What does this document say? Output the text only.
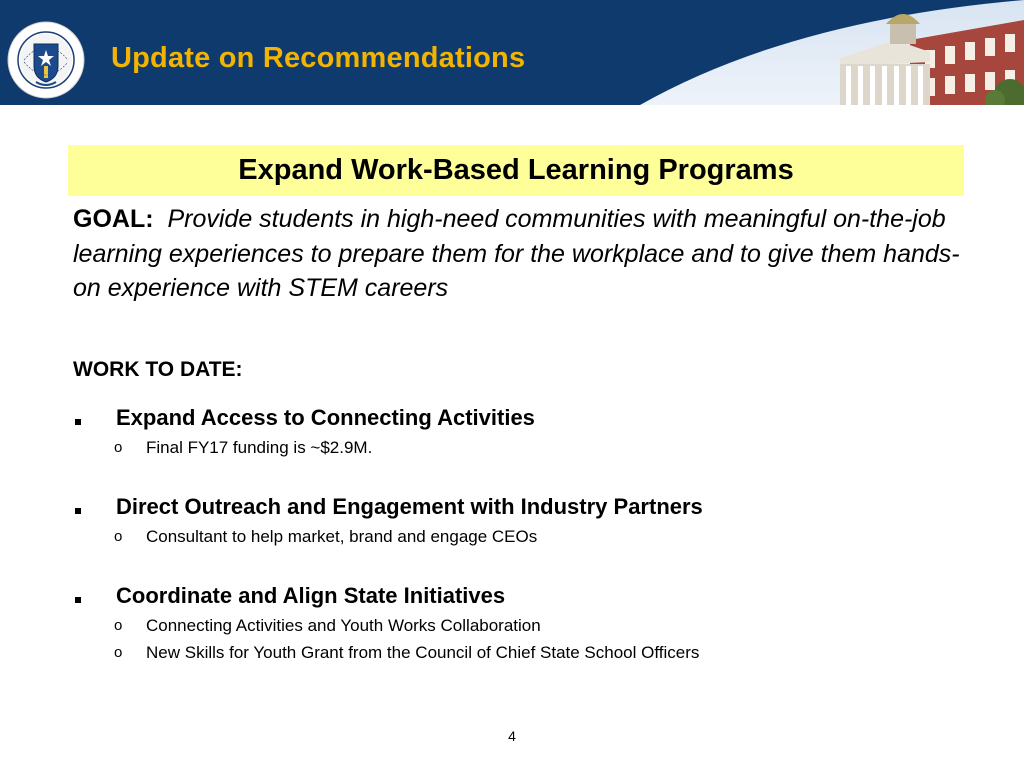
Update on Recommendations
Expand Work-Based Learning Programs
GOAL: Provide students in high-need communities with meaningful on-the-job learning experiences to prepare them for the workplace and to give them hands-on experience with STEM careers
WORK TO DATE:
Expand Access to Connecting Activities
o Final FY17 funding is ~$2.9M.
Direct Outreach and Engagement with Industry Partners
o Consultant to help market, brand and engage CEOs
Coordinate and Align State Initiatives
o Connecting Activities and Youth Works Collaboration
o New Skills for Youth Grant from the Council of Chief State School Officers
4
